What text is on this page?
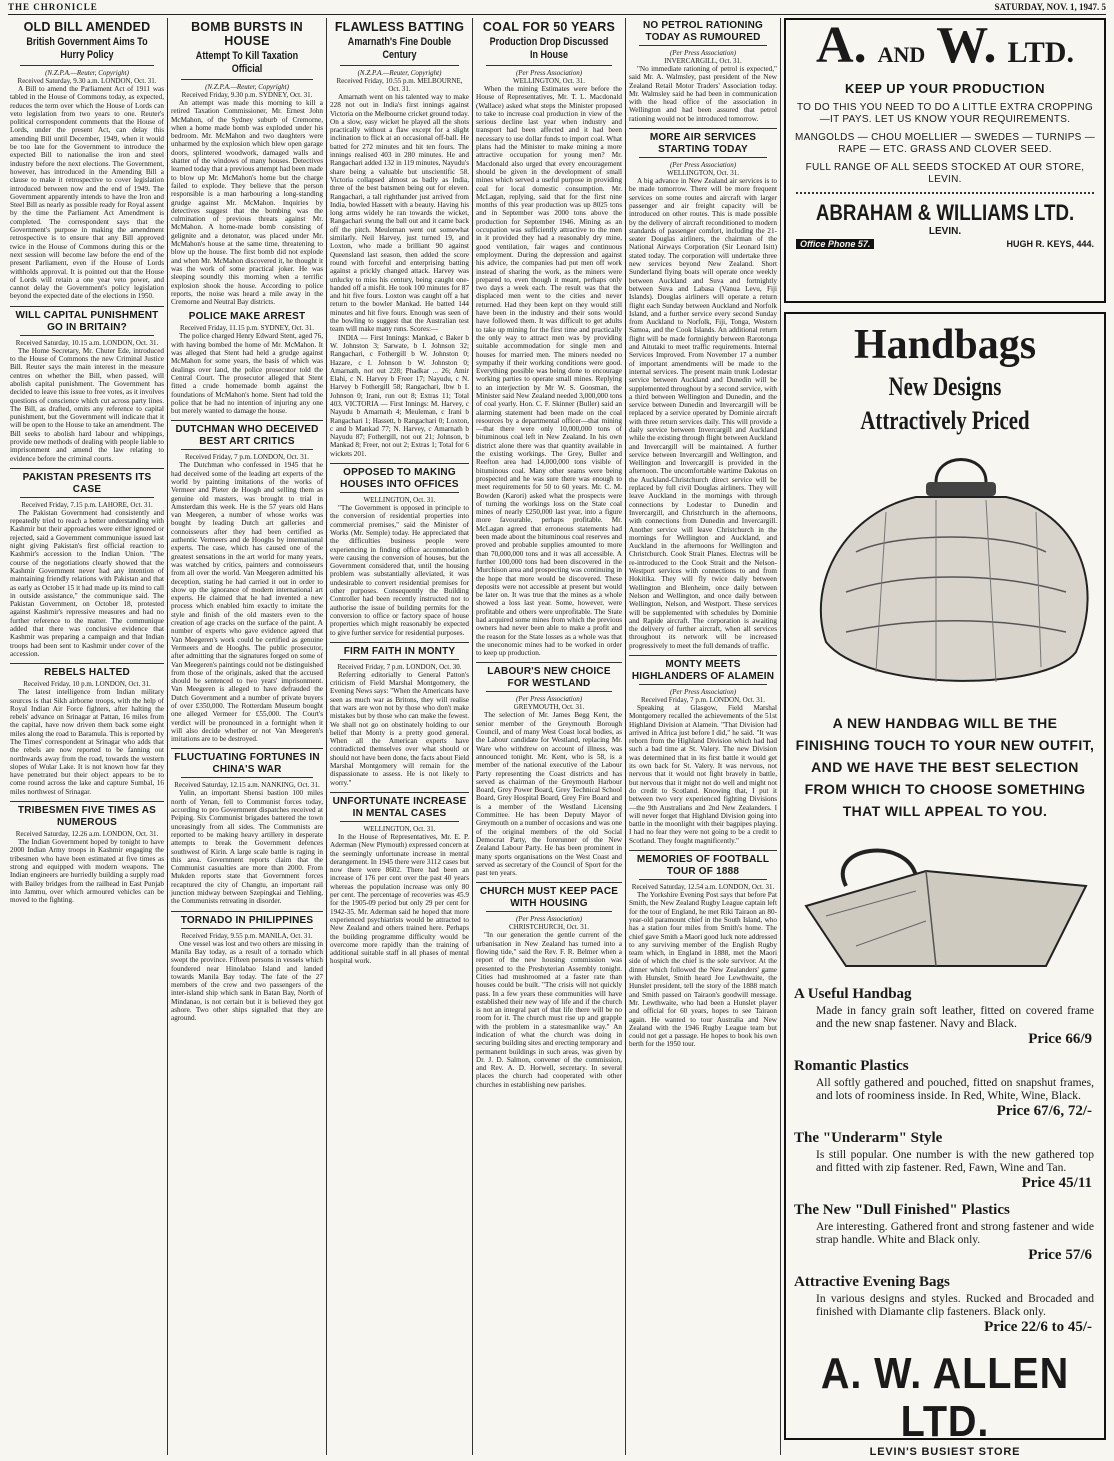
THE CHRONICLE	SATURDAY, NOV. 1, 1947. 5
OLD BILL AMENDED
British Government Aims To Hurry Policy
(N.Z.P.A.—Reuter, Copyright)
Received Saturday, 9.30 a.m. LONDON, Oct. 31.
A Bill to amend the Parliament Act of 1911 was tabled in the House of Commons today, as expected, reduces the term over which the House of Lords can veto legislation from two years to one. Reuter's political correspondent comments that the House of Lords, under the present Act, can delay this amending Bill until December, 1949, when it would be too late for the Government to introduce the expected Bill to nationalise the iron and steel industry before the next elections. The Government, however, has introduced in the Amending Bill a clause to make it retrospective to cover legislation introduced between now and the end of 1949. The Government apparently intends to have the Iron and Steel Bill as nearly as possible ready for Royal assent by the time the Parliament Act Amendment is completed. The correspondent says that the Government's purpose in making the amendment retrospective is to ensure that any Bill approved twice in the House of Commons during this or the next session will become law before the end of the present Parliament, even if the House of Lords withholds approval. It is pointed out that the House of Lords will retain a one year veto power, and cannot delay the Government's policy legislation beyond the expected date of the elections in 1950.
WILL CAPITAL PUNISHMENT GO IN BRITAIN?
Received Saturday, 10.15 a.m. LONDON, Oct. 31.
The Home Secretary, Mr. Chuter Ede, introduced to the House of Commons the new Criminal Justice Bill. Reuter says the main interest in the measure centres on whether the Bill, when passed, will abolish capital punishment. The Government has decided to leave this issue to free votes, as it involves questions of conscience which cut across party lines. The Bill, as drafted, omits any reference to capital punishment, but the Government will indicate that it will be open to the House to take an amendment. The Bill seeks to abolish hard labour and whippings, provide new methods of dealing with people liable to imprisonment and amend the law relating to evidence before the criminal courts.
PAKISTAN PRESENTS ITS CASE
Received Friday, 7.15 p.m. LAHORE, Oct. 31.
The Pakistan Government had consistently and repeatedly tried to reach a better understanding with Kashmir but their approaches were either ignored or rejected, said a Government communique issued last night giving Pakistan's first official reaction to Kashmir's accession to the Indian Union. "The course of the negotiations clearly showed that the Kashmir Government never had any intention of maintaining friendly relations with Pakistan and that as early as October 15 it had made up its mind to call in outside assistance," the communique said. The Pakistan Government, on October 18, protested against Kashmir's repressive measures and had no further reference to the matter. The communique added that there was conclusive evidence that Kashmir was preparing a campaign and that Indian troops had been sent to Kashmir under cover of the accession.
REBELS HALTED
Received Friday, 10 p.m. LONDON, Oct. 31.
The latest intelligence from Indian military sources is that Sikh airborne troops, with the help of Royal Indian Air Force fighters, after halting the rebels' advance on Srinagar at Pattan, 16 miles from the capital, have now driven them back some eight miles along the road to Baramula. This is reported by The Times' correspondent at Srinagar who adds that the rebels are now reported to be fanning out northwards away from the road, towards the western slopes of Wular Lake. It is not known how far they have penetrated but their object appears to be to come round across the lake and capture Sumbal, 16 miles northwest of Srinagar.
TRIBESMEN FIVE TIMES AS NUMEROUS
Received Saturday, 12.26 a.m. LONDON, Oct. 31.
The Indian Government hoped by tonight to have 2000 Indian Army troops in Kashmir engaging the tribesmen who have been estimated at five times as strong and equipped with modern weapons. The Indian engineers are hurriedly building a supply road with Bailey bridges from the railhead in East Punjab into Jammu, over which armoured vehicles can be moved to the fighting.
BOMB BURSTS IN HOUSE
Attempt To Kill Taxation Official
(N.Z.P.A.—Reuter, Copyright)
Received Friday, 9.30 p.m. SYDNEY, Oct. 31.
An attempt was made this morning to kill a retired Taxation Commissioner, Mr. Ernest John McMahon, of the Sydney suburb of Cremorne, when a home made bomb was exploded under his bedroom. Mr. McMahon and two daughters were unharmed by the explosion which blew open garage doors, splintered woodwork, damaged walls and shatter of the windows of many houses. Detectives learned today that a previous attempt had been made to blow up Mr. McMahon's home but the charge failed to explode. They believe that the person responsible is a man harbouring a long-standing grudge against Mr. McMahon. Inquiries by detectives suggest that the bombing was the culmination of previous threats against Mr. McMahon. A home-made bomb consisting of gelignite and a detonator, was placed under Mr. McMahon's house at the same time, threatening to blow up the house. The first bomb did not explode and when Mr. McMahon discovered it, he thought it was the work of some practical joker. He was sleeping soundly this morning when a terrific explosion shook the house. According to police reports, the noise was heard a mile away in the Cremorne and Neutral Bay districts.
POLICE MAKE ARREST
Received Friday, 11.15 p.m. SYDNEY, Oct. 31.
The police charged Henry Edward Stent, aged 76, with having bombed the home of Mr. McMahon. It was alleged that Stent had held a grudge against McMahon for some years, the basis of which was dealings over land, the police prosecutor told the Central Court. The prosecutor alleged that Stent fitted a crude homemade bomb against the foundations of McMahon's home. Stent had told the police that he had no intention of injuring any one but merely wanted to damage the house.
DUTCHMAN WHO DECEIVED BEST ART CRITICS
Received Friday, 7 p.m. LONDON, Oct. 31.
The Dutchman who confessed in 1945 that he had deceived some of the leading art experts of the world by painting imitations of the works of Vermeer and Pieter de Hoogh and selling them as genuine old masters, was brought to trial in Amsterdam this week. He is the 57 years old Hans van Meegeren, a number of whose works was bought by leading Dutch art galleries and connoisseurs after they had been certified as authentic Vermeers and de Hooghs by international experts. The case, which has caused one of the greatest sensations in the art world for many years, was watched by critics, painters and connoisseurs from all over the world. Van Meegeren admitted his deception, stating he had carried it out in order to show up the ignorance of modern international art experts. He claimed that he had invented a new process which enabled him exactly to imitate the style and finish of the old masters even to the creation of age cracks on the surface of the paint. A number of experts who gave evidence agreed that Van Meegeren's work could be certified as genuine Vermeers and de Hooghs. The public prosecutor, after admitting that the signatures forged on some of Van Meegeren's paintings could not be distinguished from those of the originals, asked that the accused should be sentenced to two years' imprisonment. Van Meegeren is alleged to have defrauded the Dutch Government and a number of private buyers of over £350,000. The Rotterdam Museum bought one alleged Vermeer for £55,000. The Court's verdict will be pronounced in a fortnight when it will also decide whether or not Van Meegeren's imitations are to be destroyed.
FLUCTUATING FORTUNES IN CHINA'S WAR
Received Saturday, 12.15 a.m. NANKING, Oct. 31.
Yulin, an important Shensi bastion 100 miles north of Yenan, fell to Communist forces today, according to pro Government dispatches received at Peiping. Six Communist brigades battered the town unceasingly from all sides. The Communists are reported to be making heavy artillery in desperate attempts to break the Government defences southwest of Kirin. A large scale battle is raging in this area. Government reports claim that the Communist casualties are more than 2000. From Mukden reports state that Government forces recaptured the city of Changtu, an important rail junction midway between Szepingkai and Tiehling, the Communists retreating in disorder.
TORNADO IN PHILIPPINES
Received Friday, 9.55 p.m. MANILA, Oct. 31.
One vessel was lost and two others are missing in Manila Bay today, as a result of a tornado which swept the province. Fifteen persons in vessels which foundered near Hinolabao Island and landed towards Manila Bay today. The fate of the 27 members of the crew and two passengers of the inter-island ship which sank in Batan Bay, North of Mindanao, is not certain but it is believed they got ashore. Two other ships signalled that they are aground.
FLAWLESS BATTING
Amarnath's Fine Double Century
(N.Z.P.A.—Reuter, Copyright)
Received Friday, 10.55 p.m. MELBOURNE, Oct. 31.
Amarnath went on his talented way to make 228 not out in India's first innings against Victoria on the Melbourne cricket ground today. On a slow, easy wicket he played all the shots practically without a flaw except for a slight inclination to flick at an occasional off-ball. He batted for 272 minutes and hit ten fours. The innings realised 403 in 280 minutes. He and Rangachari added 132 in 119 minutes, Nayudu's share being a valuable but unscientific 58. Victoria collapsed almost as badly as India, three of the best batsmen being out for eleven. Rangachari, a tall righthander just arrived from India, bowled Hassett with a beauty. Having his long arms widely he ran towards the wicket, Rangachari swung the ball out and it came back off the pitch. Meuleman went out somewhat similarly. Neil Harvey, just turned 19, and Loxton, who made a brilliant 90 against Queensland last season, then added the score round with forceful and enterprising batting against a prickly changed attack. Harvey was unlucky to miss his century, being caught one-handed off a misfit. He took 100 minutes for 87 and hit five fours. Loxton was caught off a hat return to the bowler Mankad. He batted 144 minutes and hit five fours. Enough was seen of the bowling to suggest that the Australian test team will make many runs. Scores:—
INDIA — First Innings: Mankad, c Baker b W. Johnston 3; Sarwate, b I. Johnson 32; Rangachari, c Fothergill b W. Johnston 0; Hazare, c I. Johnson b W. Johnston 0; Amarnath, not out 228; Phadkar ... 26; Amir Elahi, c N. Harvey b Freer 17; Nayudu, c N. Harvey b Fothergill 58; Rangachari, lbw b I. Johnson 0; Irani, run out 8; Extras 11; Total 403. VICTORIA — First Innings: M. Harvey, c Nayudu b Amarnath 4; Meuleman, c Irani b Rangachari 1; Hassett, b Rangachari 0; Loxton, c and b Mankad 77; N. Harvey, c Amarnath b Nayudu 87; Fothergill, not out 21; Johnson, b Mankad 8; Freer, not out 2; Extras 1; Total for 6 wickets 201.
OPPOSED TO MAKING HOUSES INTO OFFICES
WELLINGTON, Oct. 31.
"The Government is opposed in principle to the conversion of residential properties into commercial premises," said the Minister of Works (Mr. Semple) today. He appreciated that the difficulties business people were experiencing in finding office accommodation were causing the conversion of houses, but the Government considered that, until the housing problem was substantially alleviated, it was undesirable to convert residential premises for other purposes. Consequently the Building Controller had been recently instructed not to authorise the issue of building permits for the conversion to office or factory space of house properties which might reasonably be expected to give further service for residential purposes.
FIRM FAITH IN MONTY
Received Friday, 7 p.m. LONDON, Oct. 30.
Referring editorially to General Patton's criticism of Field Marshal Montgomery, the Evening News says: "When the Americans have seen as much war as Britons, they will realise that wars are won not by those who don't make mistakes but by those who can make the fewest. We shall not go on obstinately holding to our belief that Monty is a pretty good general. When all the American experts have contradicted themselves over what should or should not have been done, the facts about Field Marshal Montgomery will remain for the dispassionate to assess. He is not likely to worry."
UNFORTUNATE INCREASE IN MENTAL CASES
WELLINGTON, Oct. 31.
In the House of Representatives, Mr. E. P. Aderman (New Plymouth) expressed concern at the seemingly unfortunate increase in mental derangement. In 1945 there were 3112 cases but now there were 8602. There had been an increase of 176 per cent over the past 40 years whereas the population increase was only 80 per cent. The percentage of recoveries was 45.9 for the 1905-09 period but only 29 per cent for 1942-35. Mr. Aderman said he hoped that more experienced psychiatrists would be attracted to New Zealand and others trained here. Perhaps the building programme difficulty would be overcome more rapidly than the training of additional suitable staff in all phases of mental hospital work.
COAL FOR 50 YEARS
Production Drop Discussed In House
(Per Press Association)
WELLINGTON, Oct. 31.
When the mining Estimates were before the House of Representatives, Mr. T. L. Macdonald (Wallace) asked what steps the Minister proposed to take to increase coal production in view of the serious decline last year when industry and transport had been affected and it had been necessary to use dollar funds to import coal. What plans had the Minister to make mining a more attractive occupation for young men? Mr. Macdonald also urged that every encouragement should be given in the development of small mines which served a useful purpose in providing coal for local domestic consumption. Mr. McLagan, replying, said that for the first nine months of this year production was up 8025 tons and in September was 2000 tons above the production for September 1946. Mining as an occupation was sufficiently attractive to the men in it provided they had a reasonably dry mine, good ventilation, fair wages and continuous employment. During the depression and against his advice, the companies had put men off work instead of sharing the work, as the miners were prepared to, even though it meant, perhaps only two days a week each. The result was that the displaced men went to the cities and never returned. Had they been kept on they would still have been in the industry and their sons would have followed them. It was difficult to get adults to take up mining for the first time and practically the only way to attract men was by providing suitable accommodation for single men and houses for married men. The miners needed no sympathy if their working conditions were good. Everything possible was being done to encourage working parties to operate small mines. Replying to an interjection by Mr W. S. Goosman, the Minister said New Zealand needed 3,000,000 tons of coal yearly. Hon. C. F. Skinner (Buller) said an alarming statement had been made on the coal resources by a departmental officer—that mining—that there were only 10,000,000 tons of bituminous coal left in New Zealand. In his own district alone there was that quantity available in the existing workings. The Grey, Buller and Reefton area had 14,000,000 tons visible of bituminous coal. Many other seams were being prospected and he was sure there was enough to meet requirements for 50 to 60 years. Mr. C. M. Bowden (Karori) asked what the prospects were of turning the workings loss on the State coal mines of nearly £250,000 last year, into a figure more favourable, perhaps profitable. Mr. McLagan agreed that erroneous statements had been made about the bituminous coal reserves and proved and probable supplies amounted to more than 70,000,000 tons and it was all accessible. A further 100,000 tons had been discovered in the Murchison area and prospecting was continuing in the hope that more would be discovered. These deposits were not accessible at present but would be later on. It was true that the mines as a whole showed a loss last year. Some, however, were profitable and others were unprofitable. The State had acquired some mines from which the previous owners had never been able to make a profit and the reason for the State losses as a whole was that the uneconomic mines had to be worked in order to keep up production.
LABOUR'S NEW CHOICE FOR WESTLAND
(Per Press Association)
GREYMOUTH, Oct. 31.
The selection of Mr. James Begg Kent, the senior member of the Greymouth Borough Council, and of many West Coast local bodies, as the Labour candidate for Westland, replacing Mr. Ware who withdrew on account of illness, was announced tonight. Mr. Kent, who is 58, is a member of the national executive of the Labour Party representing the Coast districts and has served as chairman of the Greymouth Harbour Board, Grey Power Board, Grey Technical School Board, Grey Hospital Board, Grey Fire Board and is a member of the Westland Licensing Committee. He has been Deputy Mayor of Greymouth on a number of occasions and was one of the original members of the old Social Democrat Party, the forerunner of the New Zealand Labour Party. He has been prominent in many sports organisations on the West Coast and served as secretary of the Council of Sport for the past ten years.
CHURCH MUST KEEP PACE WITH HOUSING
(Per Press Association)
CHRISTCHURCH, Oct. 31.
"In our generation the gentle current of the urbanisation in New Zealand has turned into a flowing tide," said the Rev. F. R. Belmer when a report of the new housing commission was presented to the Presbyterian Assembly tonight. Cities had mushroomed at a faster rate than houses could be built. "The crisis will not quickly pass. In a few years these communities will have established their new way of life and if the church is not an integral part of that life there will be no room for it. The church must rise up and grapple with the problem in a statesmanlike way." An indication of what the church was doing in securing building sites and erecting temporary and permanent buildings in such areas, was given by Dr. J. D. Salmon, convener of the commission, and Rev. A. D. Horwell, secretary. In several places the church had cooperated with other churches in establishing new parishes.
NO PETROL RATIONING TODAY AS RUMOURED
(Per Press Association)
INVERCARGILL, Oct. 31.
"No immediate rationing of petrol is expected," said Mr. A. Walmsley, past president of the New Zealand Retail Motor Traders' Association today. Mr. Walmsley said he had been in communication with the head office of the association in Wellington and had been assured that petrol rationing would not be introduced tomorrow.
MORE AIR SERVICES STARTING TODAY
(Per Press Association)
WELLINGTON, Oct. 31.
A big advance in New Zealand air services is to be made tomorrow. There will be more frequent services on some routes and aircraft with larger passenger and air freight capacity will be introduced on other routes. This is made possible by the delivery of aircraft reconditioned to modern standards of passenger comfort, including the 21-seater Douglas airliners, the chairman of the National Airways Corporation (Sir Leonard Isitt) stated today. The corporation will undertake three new services beyond New Zealand. Short Sunderland flying boats will operate once weekly between Auckland and Suva and fortnightly between Suva and Labasa (Vanua Levu, Fiji Islands). Douglas airliners will operate a return flight each Sunday between Auckland and Norfolk Island, and a further service every second Sunday from Auckland to Norfolk, Fiji, Tonga, Western Samoa, and the Cook Islands. An additional return flight will be made fortnightly between Rarotonga and Aitutaki to meet traffic requirements. Internal Services Improved. From November 17 a number of important amendments will be made to the internal services. The present main trunk Lodestar service between Auckland and Dunedin will be supplemented throughout by a second service, with a third between Wellington and Dunedin, and the service between Dunedin and Invercargill will be replaced by a service operated by Dominie aircraft with three return services daily. This will provide a daily service between Invercargill and Auckland while the existing through flight between Auckland and Invercargill will be maintained. A further service between Invercargill and Wellington, and Wellington and Invercargill is provided in the afternoon. The uncomfortable wartime Dakotas on the Auckland-Christchurch direct service will be replaced by full civil Douglas airliners. They will leave Auckland in the mornings with through connections by Lodestar to Dunedin and Invercargill, and Christchurch in the afternoons, with connections from Dunedin and Invercargill. Another service will leave Christchurch in the mornings for Wellington and Auckland, and Auckland in the afternoons for Wellington and Christchurch. Cook Strait Planes. Electras will be re-introduced to the Cook Strait and the Nelson-Westport services with connections to and from Hokitika. They will fly twice daily between Wellington and Blenheim, once daily between Nelson and Wellington, and once daily between Wellington, Nelson, and Westport. These services will be supplemented with schedules by Dominie and Rapide aircraft. The corporation is awaiting the delivery of further aircraft, when all services throughout its network will be increased progressively to meet the full demands of traffic.
MONTY MEETS HIGHLANDERS OF ALAMEIN
(Per Press Association)
Received Friday, 7 p.m. LONDON, Oct. 31.
Speaking at Glasgow, Field Marshal Montgomery recalled the achievements of the 51st Highland Division at Alamein. "That Division had arrived in Africa just before I did," he said. "It was reborn from the Highland Division which had had such a bad time at St. Valery. The new Division was determined that in its first battle it would get its own back for St. Valery. It was nervous, not nervous that it would not fight bravely in battle, but nervous that it might not do well and might not do credit to Scotland. Knowing that, I put it between two very experienced fighting Divisions—the 9th Australians and 2nd New Zealanders. I will never forget that Highland Division going into battle in the moonlight with their bagpipes playing. I had no fear they were not going to be a credit to Scotland. They fought magnificently."
MEMORIES OF FOOTBALL TOUR OF 1888
Received Saturday, 12.54 a.m. LONDON, Oct. 31.
The Yorkshire Evening Post says that before Pat Smith, the New Zealand Rugby League captain left for the tour of England, he met Riki Tairaon an 80-year-old paramount chief in the South Island, who has a station four miles from Smith's home. The chief gave Smith a Maori good luck note addressed to any surviving member of the English Rugby team which, in England in 1888, met the Maori side of which the chief is the sole survivor. At the dinner which followed the New Zealanders' game with Hunslet, Smith heard Joe Lewthwaite, the Hunslet president, tell the story of the 1888 match and Smith passed on Tairaon's goodwill message. Mr. Lewthwaite, who had been a Hunslet player and official for 60 years, hopes to see Tairaon again. He wanted to tour Australia and New Zealand with the 1946 Rugby League team but could not get a passage. He hopes to book his own berth for the 1950 tour.
A. AND W. LTD.
KEEP UP YOUR PRODUCTION
TO DO THIS YOU NEED TO DO A LITTLE EXTRA CROPPING—IT PAYS. LET US KNOW YOUR REQUIREMENTS.
MANGOLDS — CHOU MOELLIER — SWEDES — TURNIPS — RAPE — ETC. GRASS AND CLOVER SEED.
FULL RANGE OF ALL SEEDS STOCKED AT OUR STORE, LEVIN.
ABRAHAM & WILLIAMS LTD.
LEVIN.
Office Phone 57.	HUGH R. KEYS, 444.
Handbags
New Designs
Attractively Priced
A NEW HANDBAG WILL BE THE FINISHING TOUCH TO YOUR NEW OUTFIT, AND WE HAVE THE BEST SELECTION FROM WHICH TO CHOOSE SOMETHING THAT WILL APPEAL TO YOU.
A Useful Handbag
Made in fancy grain soft leather, fitted on covered frame and the new snap fastener. Navy and Black.
Price 66/9
Romantic Plastics
All softly gathered and pouched, fitted on snapshut frames, and lots of roominess inside. In Red, White, Wine, Black.
Price 67/6, 72/-
The "Underarm" Style
Is still popular. One number is with the new gathered top and fitted with zip fastener. Red, Fawn, Wine and Tan.
Price 45/11
The New "Dull Finished" Plastics
Are interesting. Gathered front and strong fastener and wide strap handle. White and Black only.
Price 57/6
Attractive Evening Bags
In various designs and styles. Rucked and Brocaded and finished with Diamante clip fasteners. Black only.
Price 22/6 to 45/-
A. W. ALLEN LTD.
LEVIN'S BUSIEST STORE
